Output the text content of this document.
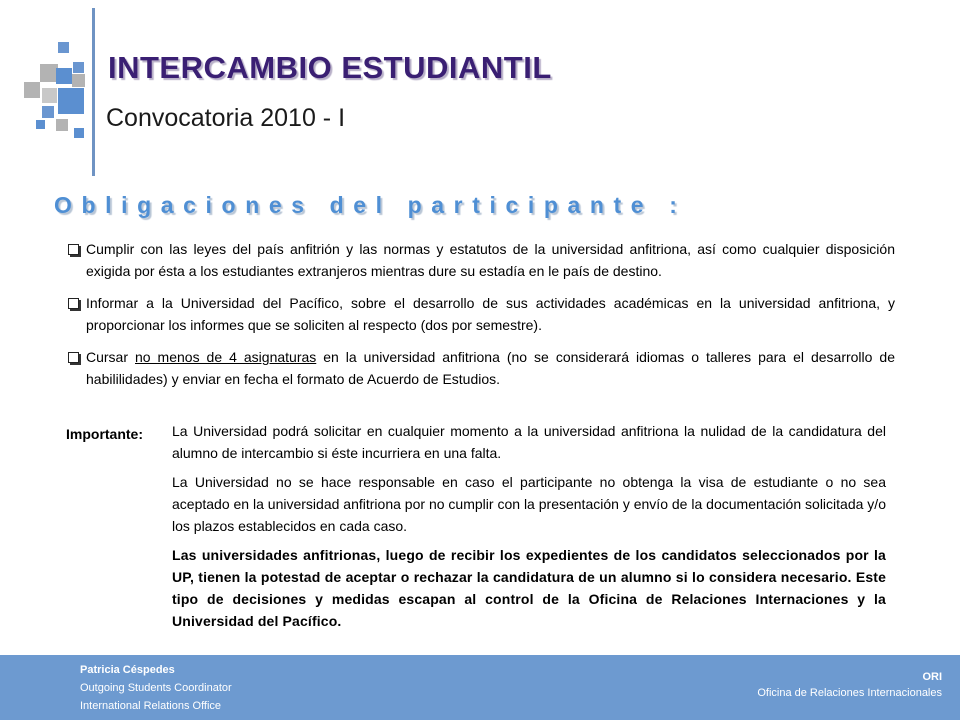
INTERCAMBIO ESTUDIANTIL
Convocatoria 2010 - I
Obligaciones del participante :
Cumplir con las leyes del país anfitrión y las normas y estatutos de la universidad anfitriona, así como cualquier disposición exigida por ésta a los estudiantes extranjeros mientras dure su estadía en le país de destino.
Informar a la Universidad del Pacífico, sobre el desarrollo de sus actividades académicas en la universidad anfitriona, y proporcionar los informes que se soliciten al respecto (dos por semestre).
Cursar no menos de 4 asignaturas en la universidad anfitriona (no se considerará idiomas o talleres para el desarrollo de habililidades) y enviar en fecha el formato de Acuerdo de Estudios.
Importante: La Universidad podrá solicitar en cualquier momento a la universidad anfitriona la nulidad de la candidatura del alumno de intercambio si éste incurriera en una falta.

La Universidad no se hace responsable en caso el participante no obtenga la visa de estudiante o no sea aceptado en la universidad anfitriona por no cumplir con la presentación y envío de la documentación solicitada y/o los plazos establecidos en cada caso.

Las universidades anfitrionas, luego de recibir los expedientes de los candidatos seleccionados por la UP, tienen la potestad de aceptar o rechazar la candidatura de un alumno si lo considera necesario. Este tipo de decisiones y medidas escapan al control de la Oficina de Relaciones Internaciones y la Universidad del Pacífico.

Patricia Céspedes
Outgoing Students Coordinator
International Relations Office
ORI
Oficina de Relaciones Internacionales
